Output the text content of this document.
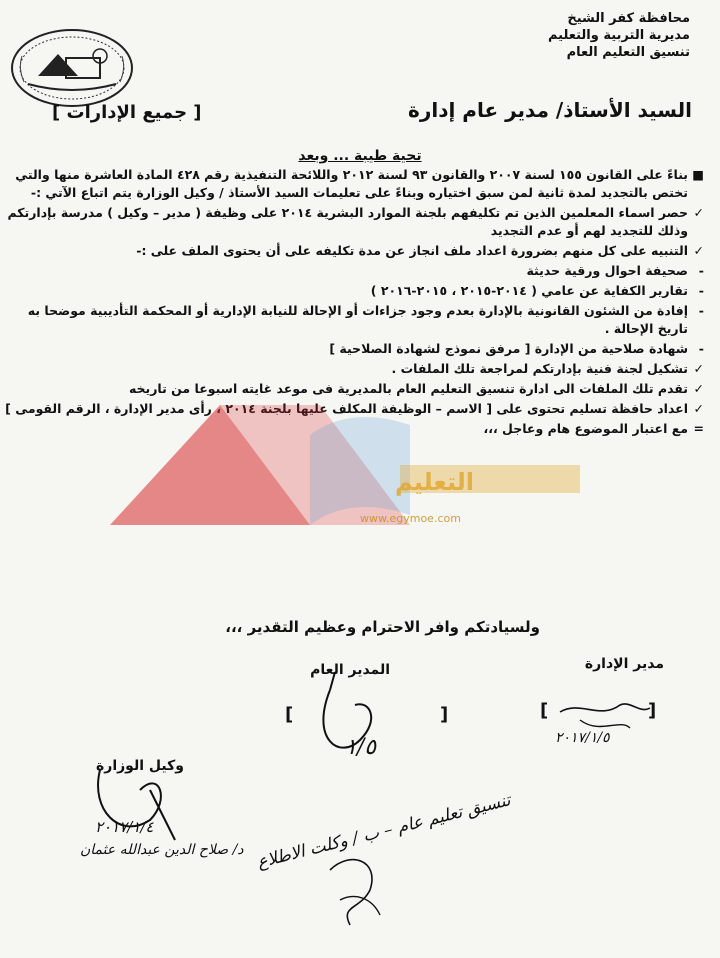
محافظة كفر الشيخ
مديرية التربية والتعليم
تنسيق التعليم العام
السيد الأستاذ/ مدير عام إدارة
[ جميع الإدارات ]
تحية طيبة ... وبعد
■
بناءً على القانون ١٥٥ لسنة ٢٠٠٧ والقانون ٩٣ لسنة ٢٠١٢ واللائحة التنفيذية رقم ٤٢٨ المادة العاشرة منها والتي تختص بالتجديد لمدة ثانية لمن سبق اختياره وبناءً على تعليمات السيد الأستاذ / وكيل الوزارة يتم اتباع الآتي :-
✓
حصر اسماء المعلمين الذين تم تكليفهم بلجنة الموارد البشرية ٢٠١٤ على وظيفة ( مدير – وكيل ) مدرسة بإدارتكم وذلك للتجديد لهم أو عدم التجديد
✓
التنبيه على كل منهم بضرورة اعداد ملف انجاز عن مدة تكليفه على أن يحتوى الملف على :-
-
صحيفة احوال ورقية حديثة
-
تقارير الكفاية عن عامي ( ٢٠١٤-٢٠١٥ ، ٢٠١٥-٢٠١٦ )
-
إفادة من الشئون القانونية بالإدارة بعدم وجود جزاءات أو الإحالة للنيابة الإدارية أو المحكمة التأديبية موضحا به تاريخ الإحالة .
-
شهادة صلاحية من الإدارة [ مرفق نموذج لشهادة الصلاحية ]
✓
تشكيل لجنة فنية بإدارتكم لمراجعة تلك الملفات .
✓
تقدم تلك الملفات الى ادارة تنسيق التعليم العام بالمديرية فى موعد غايته اسبوعا من تاريخه
✓
اعداد حافظة تسليم تحتوى على [ الاسم – الوظيفة المكلف عليها بلجنة ٢٠١٤ ، رأى مدير الإدارة ، الرقم القومى ]
=
مع اعتبار الموضوع هام وعاجل ،،،
التعليم
www.egymoe.com
ولسيادتكم وافر الاحترام وعظيم التقدير ،،،
مدير الإدارة
المدير العام
وكيل الوزارة
[	]	[	]
١/٥	٢٠١٧/١/٥
٢٠١٧/١/٤
د/ صلاح الدين عبدالله عثمان تنسيق تعليم عام – ب / وكلت الاطلاع
